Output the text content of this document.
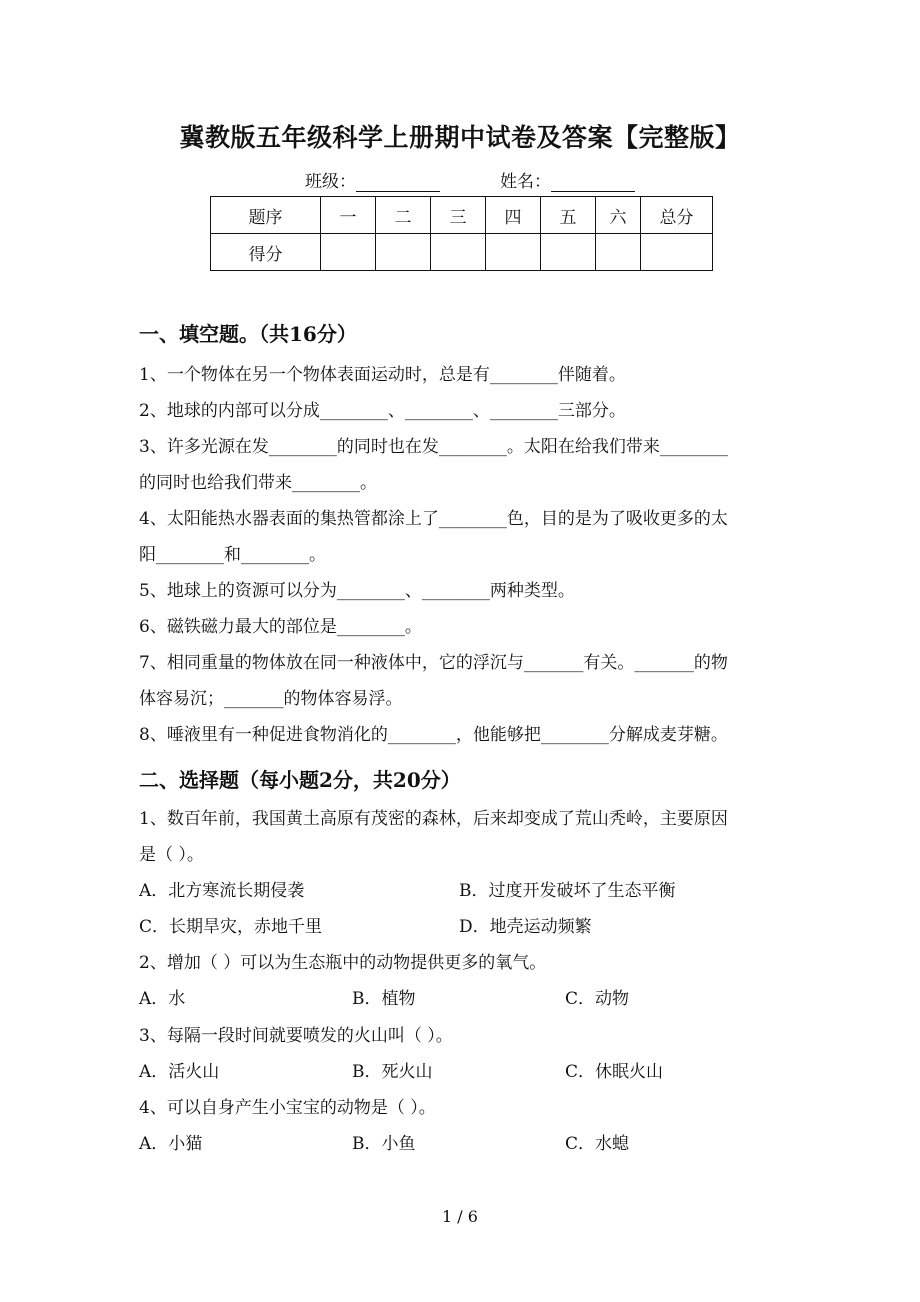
冀教版五年级科学上册期中试卷及答案【完整版】
班级：	姓名：
题序	一	二	三	四	五	六	总分
得分							
一、填空题。（共16分）
1、一个物体在另一个物体表面运动时，总是有________伴随着。
2、地球的内部可以分成________、________、________三部分。
3、许多光源在发________的同时也在发________。太阳在给我们带来________
的同时也给我们带来________。
4、太阳能热水器表面的集热管都涂上了________色，目的是为了吸收更多的太
阳________和________。
5、地球上的资源可以分为________、________两种类型。
6、磁铁磁力最大的部位是________。
7、相同重量的物体放在同一种液体中，它的浮沉与_______有关。_______的物
体容易沉；_______的物体容易浮。
8、唾液里有一种促进食物消化的________，他能够把________分解成麦芽糖。
二、选择题（每小题2分，共20分）
1、数百年前，我国黄土高原有茂密的森林，后来却变成了荒山秃岭，主要原因
是（ ）。
A．北方寒流长期侵袭	B．过度开发破坏了生态平衡
C．长期旱灾，赤地千里	D．地壳运动频繁
2、增加（ ）可以为生态瓶中的动物提供更多的氧气。
A．水	B．植物	C．动物
3、每隔一段时间就要喷发的火山叫（ ）。
A．活火山	B．死火山	C．休眠火山
4、可以自身产生小宝宝的动物是（ ）。
A．小猫	B．小鱼	C．水螅
1 / 6
